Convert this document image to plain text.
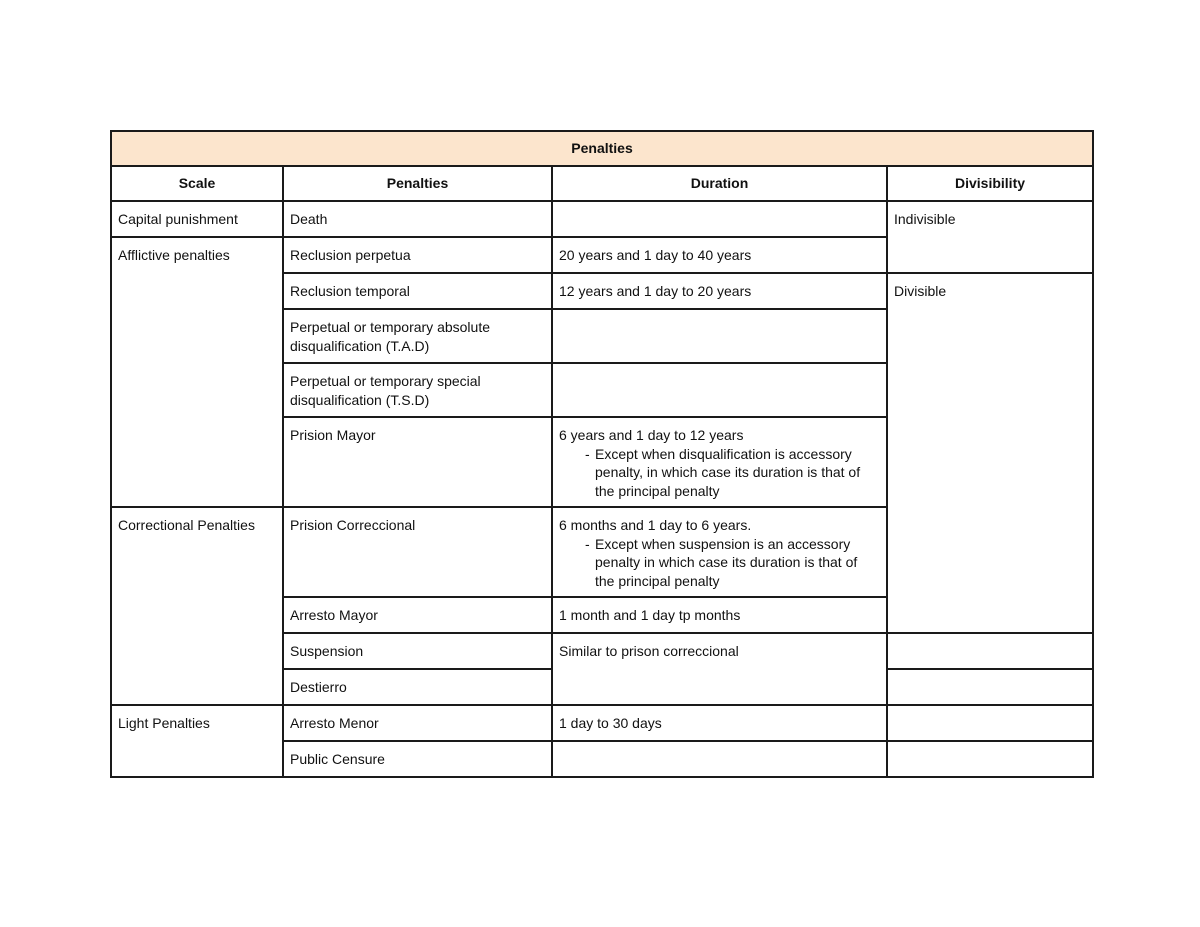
Penalties				
Scale	Penalties	Duration	Divisibility	
Capital punishment	Death		Indivisible	
Afflictive penalties	Reclusion perpetua	20 years and 1 day to 40 years		
	Reclusion temporal	12 years and 1 day to 20 years	Divisible	
	Perpetual or temporary absolute disqualification (T.A.D)			
	Perpetual or temporary special disqualification (T.S.D)			
	Prision Mayor	6 years and 1 day to 12 years
- Except when disqualification is accessory penalty, in which case its duration is that of the principal penalty		

Correctional Penalties	Prision Correccional	6 months and 1 day to 6 years.
- Except when suspension is an accessory penalty in which case its duration is that of the principal penalty		

	Arresto Mayor	1 month and 1 day tp months		
	Suspension	Similar to prison correccional		
	Destierro			
Light Penalties	Arresto Menor	1 day to 30 days		
	Public Censure			
